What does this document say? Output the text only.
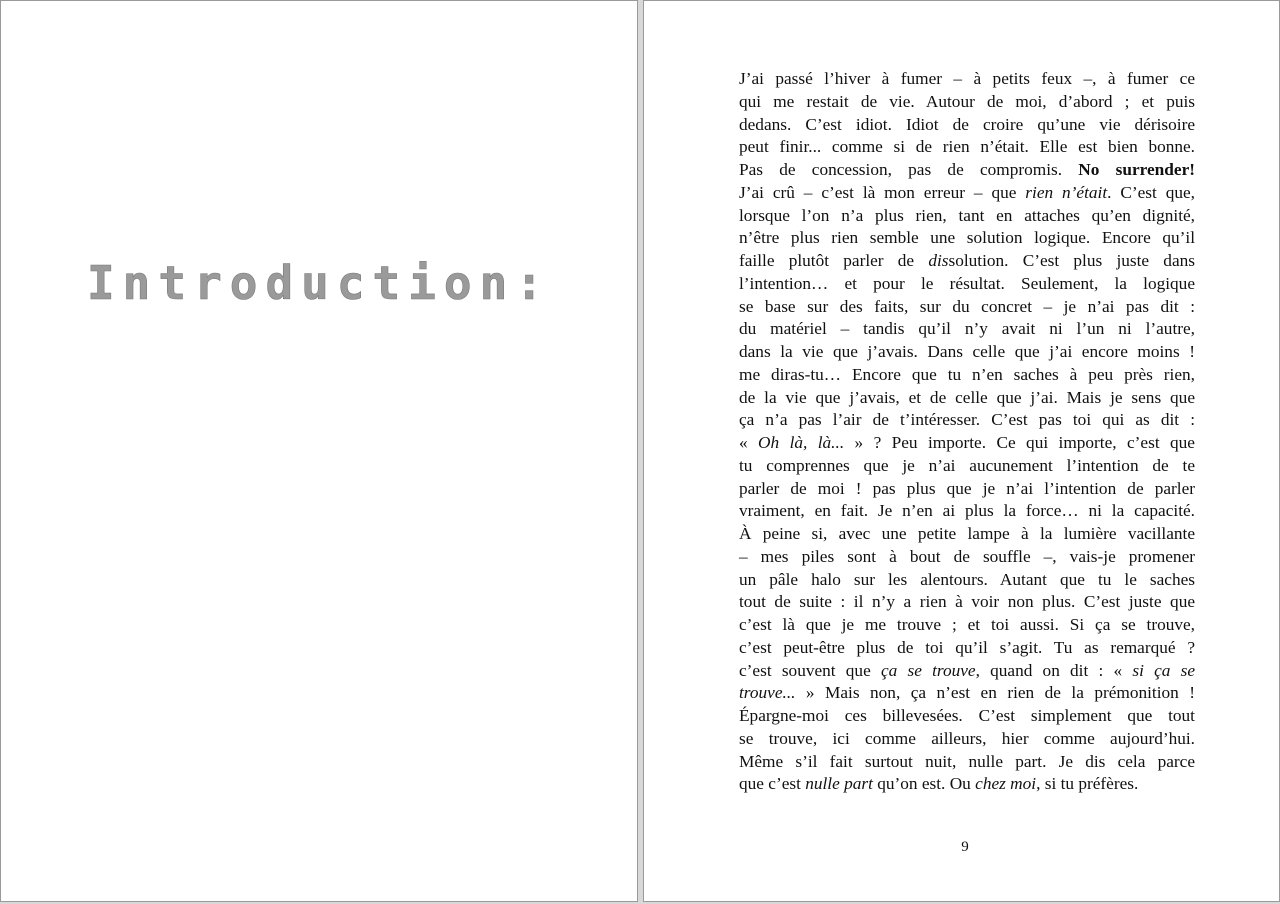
Introduction:
J’ai passé l’hiver à fumer – à petits feux –, à fumer ce
qui me restait de vie. Autour de moi, d’abord ; et puis
dedans. C’est idiot. Idiot de croire qu’une vie dérisoire
peut finir... comme si de rien n’était. Elle est bien bonne.
Pas de concession, pas de compromis. No surrender!
J’ai crû – c’est là mon erreur – que rien n’était. C’est que,
lorsque l’on n’a plus rien, tant en attaches qu’en dignité,
n’être plus rien semble une solution logique. Encore qu’il
faille plutôt parler de dissolution. C’est plus juste dans
l’intention… et pour le résultat. Seulement, la logique
se base sur des faits, sur du concret – je n’ai pas dit :
du matériel – tandis qu’il n’y avait ni l’un ni l’autre,
dans la vie que j’avais. Dans celle que j’ai encore moins !
me diras-tu… Encore que tu n’en saches à peu près rien,
de la vie que j’avais, et de celle que j’ai. Mais je sens que
ça n’a pas l’air de t’intéresser. C’est pas toi qui as dit :
« Oh là, là... » ? Peu importe. Ce qui importe, c’est que
tu comprennes que je n’ai aucunement l’intention de te
parler de moi ! pas plus que je n’ai l’intention de parler
vraiment, en fait. Je n’en ai plus la force… ni la capacité.
À peine si, avec une petite lampe à la lumière vacillante
– mes piles sont à bout de souffle –, vais-je promener
un pâle halo sur les alentours. Autant que tu le saches
tout de suite : il n’y a rien à voir non plus. C’est juste que
c’est là que je me trouve ; et toi aussi. Si ça se trouve,
c’est peut-être plus de toi qu’il s’agit. Tu as remarqué ?
c’est souvent que ça se trouve, quand on dit : « si ça se
trouve... » Mais non, ça n’est en rien de la prémonition !
Épargne-moi ces billevesées. C’est simplement que tout
se trouve, ici comme ailleurs, hier comme aujourd’hui.
Même s’il fait surtout nuit, nulle part. Je dis cela parce
que c’est nulle part qu’on est. Ou chez moi, si tu préfères.
9
